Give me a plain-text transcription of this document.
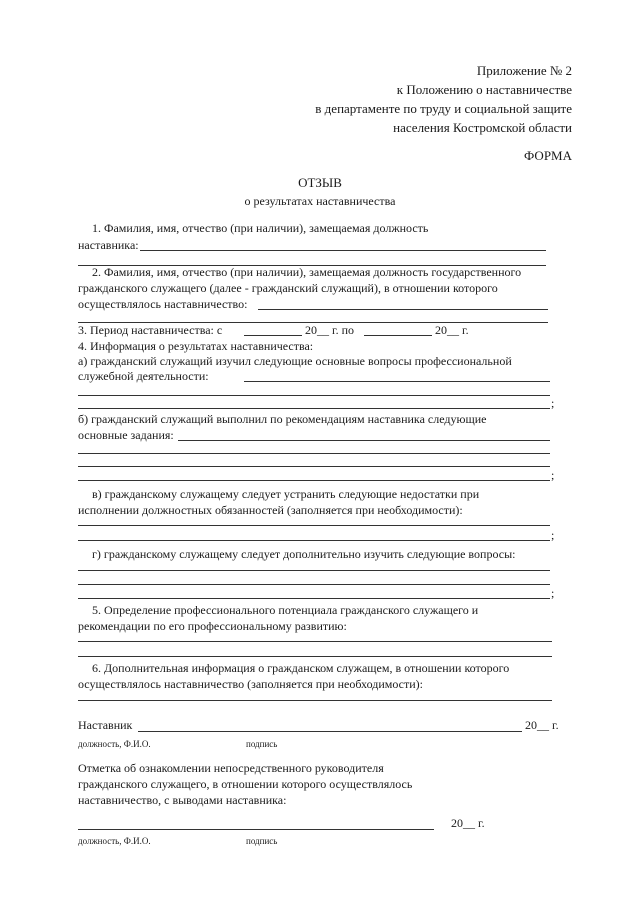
Приложение № 2
к Положению о наставничестве
в департаменте по труду и социальной защите
населения Костромской области
ФОРМА
ОТЗЫВ
о результатах наставничества
1. Фамилия, имя, отчество (при наличии), замещаемая должность
наставника:
2. Фамилия, имя, отчество (при наличии), замещаемая должность государственного
гражданского служащего (далее - гражданский служащий), в отношении которого
осуществлялось наставничество:
3. Период наставничества: с	20__ г. по	20__ г.
4. Информация о результатах наставничества:
а) гражданский служащий изучил следующие основные вопросы профессиональной
служебной деятельности:
;
б) гражданский служащий выполнил по рекомендациям наставника следующие
основные задания:
;
в) гражданскому служащему следует устранить следующие недостатки при
исполнении должностных обязанностей (заполняется при необходимости):
;
г) гражданскому служащему следует дополнительно изучить следующие вопросы:
;
5. Определение профессионального потенциала гражданского служащего и
рекомендации по его профессиональному развитию:
6. Дополнительная информация о гражданском служащем, в отношении которого
осуществлялось наставничество (заполняется при необходимости):
Наставник	20__ г.
должность, Ф.И.О.	подпись
Отметка об ознакомлении непосредственного руководителя
гражданского служащего, в отношении которого осуществлялось
наставничество, с выводами наставника:
20__ г.
должность, Ф.И.О.	подпись
